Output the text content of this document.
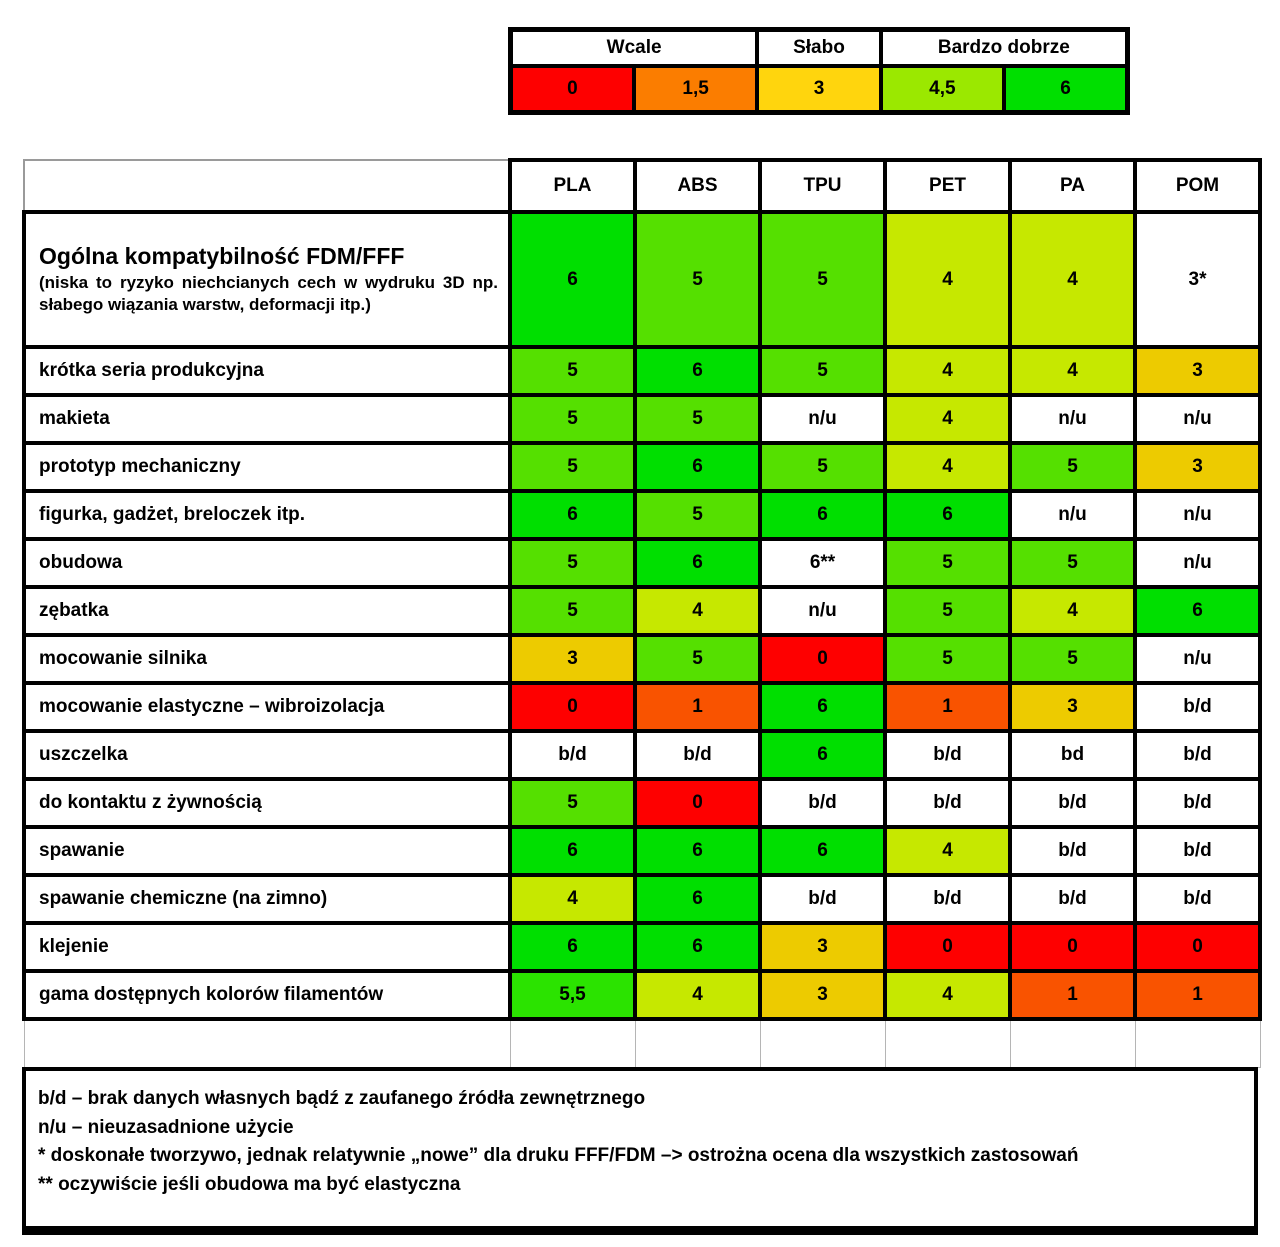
Wcale		Słabo	Bardzo dobrze	
0	1,5	3	4,5	6
	PLA	ABS	TPU	PET	PA	POM

Ogólna kompatybilność FDM/FFF
(niska to ryzyko niechcianych cech w wydruku 3D np. słabego wiązania warstw, deformacji itp.)	6	5	5	4	4	3*
krótka seria produkcyjna	5	6	5	4	4	3
makieta	5	5	n/u	4	n/u	n/u
prototyp mechaniczny	5	6	5	4	5	3
figurka, gadżet, breloczek itp.	6	5	6	6	n/u	n/u
obudowa	5	6	6**	5	5	n/u
zębatka	5	4	n/u	5	4	6
mocowanie silnika	3	5	0	5	5	n/u
mocowanie elastyczne – wibroizolacja	0	1	6	1	3	b/d
uszczelka	b/d	b/d	6	b/d	bd	b/d
do kontaktu z żywnością	5	0	b/d	b/d	b/d	b/d
spawanie	6	6	6	4	b/d	b/d
spawanie chemiczne (na zimno)	4	6	b/d	b/d	b/d	b/d
klejenie	6	6	3	0	0	0
gama dostępnych kolorów filamentów	5,5	4	3	4	1	1

b/d – brak danych własnych bądź z zaufanego źródła zewnętrznego
n/u – nieuzasadnione użycie
* doskonałe tworzywo, jednak relatywnie „nowe” dla druku FFF/FDM –> ostrożna ocena dla wszystkich zastosowań
** oczywiście jeśli obudowa ma być elastyczna
